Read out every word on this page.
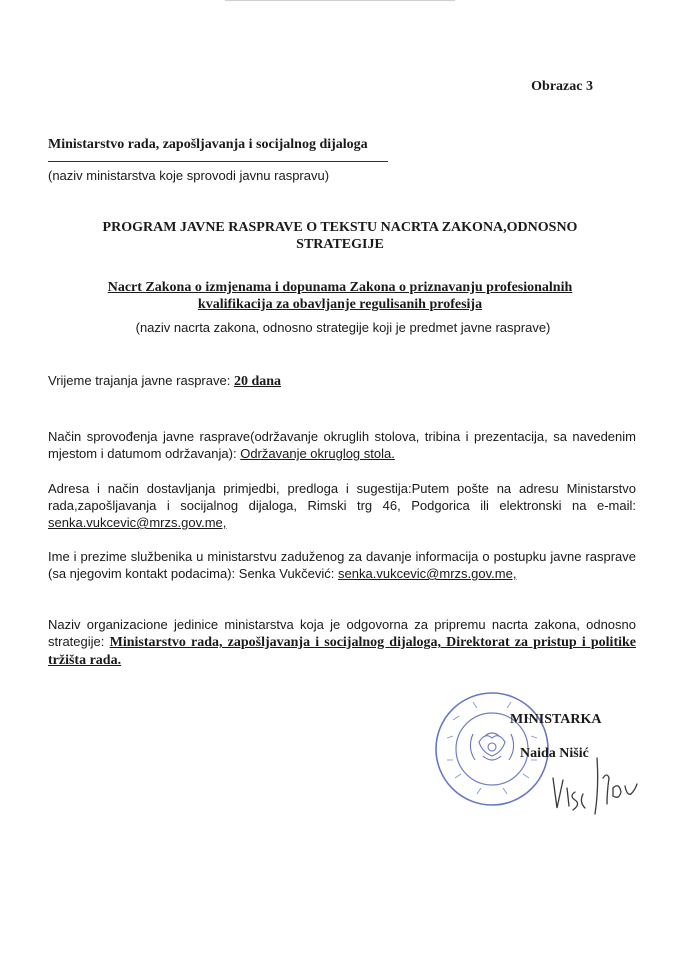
Obrazac 3
Ministarstvo rada, zapošljavanja i socijalnog dijaloga
(naziv ministarstva koje sprovodi javnu raspravu)
PROGRAM JAVNE RASPRAVE O TEKSTU NACRTA ZAKONA,ODNOSNO STRATEGIJE
Nacrt Zakona o izmjenama i dopunama Zakona o priznavanju profesionalnih kvalifikacija za obavljanje regulisanih profesija
(naziv nacrta zakona, odnosno strategije koji je predmet javne rasprave)
Vrijeme trajanja javne rasprave: 20 dana
Način sprovođenja javne rasprave(održavanje okruglih stolova, tribina i prezentacija, sa navedenim mjestom i datumom održavanja): Održavanje okruglog stola.
Adresa i način dostavljanja primjedbi, predloga i sugestija:Putem pošte na adresu Ministarstvo rada,zapošljavanja i socijalnog dijaloga, Rimski trg 46, Podgorica ili elektronski na e-mail: senka.vukcevic@mrzs.gov.me,
Ime i prezime službenika u ministarstvu zaduženog za davanje informacija o postupku javne rasprave (sa njegovim kontakt podacima): Senka Vukčević: senka.vukcevic@mrzs.gov.me,
Naziv organizacione jedinice ministarstva koja je odgovorna za pripremu nacrta zakona, odnosno strategije: Ministarstvo rada, zapošljavanja i socijalnog dijaloga, Direktorat za pristup i politike tržišta rada.
MINISTARKA
Naida Nišić
